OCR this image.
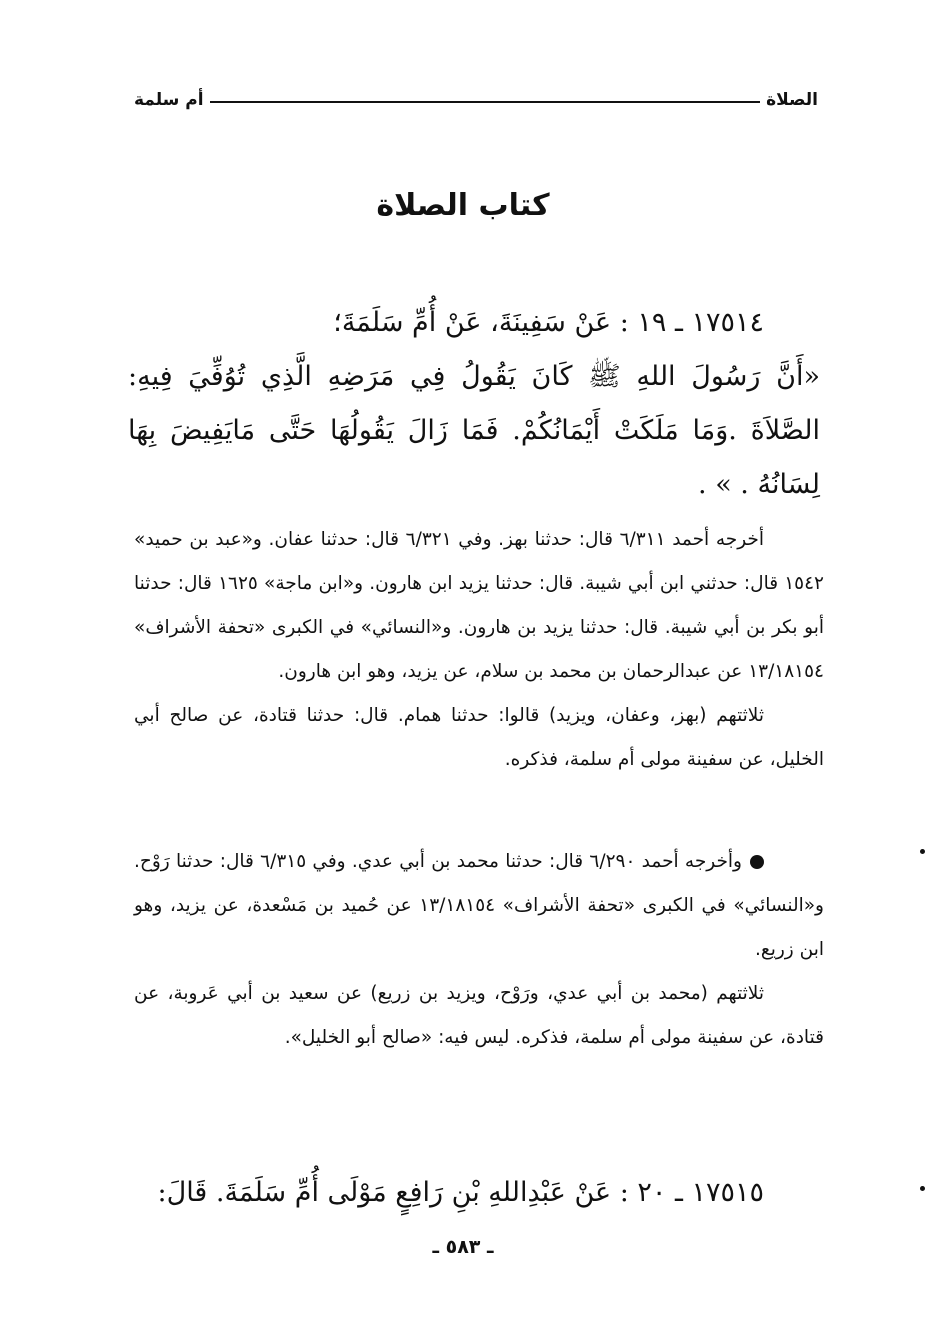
الصلاة
أم سلمة
كتاب الصلاة
١٧٥١٤ ـ ١٩ : عَنْ سَفِينَةَ، عَنْ أُمِّ سَلَمَةَ؛
«أَنَّ رَسُولَ اللهِ ﷺ كَانَ يَقُولُ فِي مَرَضِهِ الَّذِي تُوُفِّيَ فِيهِ: الصَّلاَةَ .وَمَا مَلَكَتْ أَيْمَانُكُمْ. فَمَا زَالَ يَقُولُهَا حَتَّى مَايَفِيضَ بِهَا لِسَانُهُ . » .

أخرجه أحمد ٦/٣١١ قال: حدثنا بهز. وفي ٦/٣٢١ قال: حدثنا عفان. و«عبد بن حميد» ١٥٤٢ قال: حدثني ابن أبي شيبة. قال: حدثنا يزيد ابن هارون. و«ابن ماجة» ١٦٢٥ قال: حدثنا أبو بكر بن أبي شيبة. قال: حدثنا يزيد بن هارون. و«النسائي» في الكبرى «تحفة الأشراف» ١٣/١٨١٥٤ عن عبدالرحمان بن محمد بن سلام، عن يزيد، وهو ابن هارون.

ثلاثتهم (بهز، وعفان، ويزيد) قالوا: حدثنا همام. قال: حدثنا قتادة، عن صالح أبي الخليل، عن سفينة مولى أم سلمة، فذكره.

وأخرجه أحمد ٦/٢٩٠ قال: حدثنا محمد بن أبي عدي. وفي ٦/٣١٥ قال: حدثنا رَوْح. و«النسائي» في الكبرى «تحفة الأشراف» ١٣/١٨١٥٤ عن حُميد بن مَسْعدة، عن يزيد، وهو ابن زريع.

ثلاثتهم (محمد بن أبي عدي، ورَوْح، ويزيد بن زريع) عن سعيد بن أبي عَروبة، عن قتادة، عن سفينة مولى أم سلمة، فذكره. ليس فيه: «صالح أبو الخليل».

١٧٥١٥ ـ ٢٠ : عَنْ عَبْدِاللهِ بْنِ رَافِعٍ مَوْلَى أُمِّ سَلَمَةَ. قَالَ:
ـ ٥٨٣ ـ
